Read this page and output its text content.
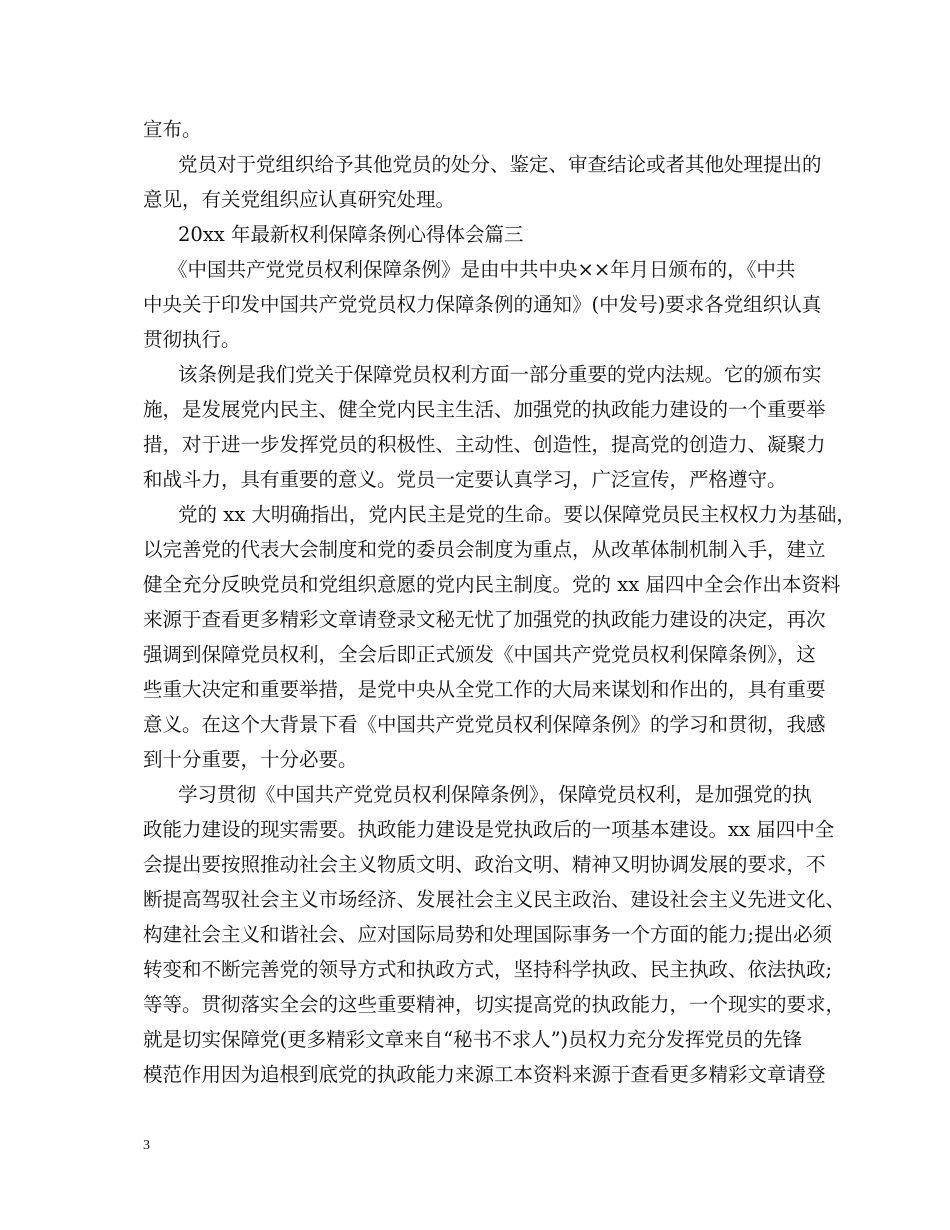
宣布。
党员对于党组织给予其他党员的处分、鉴定、审查结论或者其他处理提出的
意见，有关党组织应认真研究处理。
20xx 年最新权利保障条例心得体会篇三
《中国共产党党员权利保障条例》是由中共中央××年月日颁布的，《中共
中央关于印发中国共产党党员权力保障条例的通知》(中发号)要求各党组织认真
贯彻执行。
该条例是我们党关于保障党员权利方面一部分重要的党内法规。它的颁布实
施，是发展党内民主、健全党内民主生活、加强党的执政能力建设的一个重要举
措，对于进一步发挥党员的积极性、主动性、创造性，提高党的创造力、凝聚力
和战斗力，具有重要的意义。党员一定要认真学习，广泛宣传，严格遵守。
党的 xx 大明确指出，党内民主是党的生命。要以保障党员民主权权力为基础，
以完善党的代表大会制度和党的委员会制度为重点，从改革体制机制入手，建立
健全充分反映党员和党组织意愿的党内民主制度。党的 xx 届四中全会作出本资料
来源于查看更多精彩文章请登录文秘无忧了加强党的执政能力建设的决定，再次
强调到保障党员权利，全会后即正式颁发《中国共产党党员权利保障条例》，这
些重大决定和重要举措，是党中央从全党工作的大局来谋划和作出的，具有重要
意义。在这个大背景下看《中国共产党党员权利保障条例》的学习和贯彻，我感
到十分重要，十分必要。
学习贯彻《中国共产党党员权利保障条例》，保障党员权利，是加强党的执
政能力建设的现实需要。执政能力建设是党执政后的一项基本建设。xx 届四中全
会提出要按照推动社会主义物质文明、政治文明、精神又明协调发展的要求，不
断提高驾驭社会主义市场经济、发展社会主义民主政治、建设社会主义先进文化、
构建社会主义和谐社会、应对国际局势和处理国际事务一个方面的能力;提出必须
转变和不断完善党的领导方式和执政方式，坚持科学执政、民主执政、依法执政;
等等。贯彻落实全会的这些重要精神，切实提高党的执政能力，一个现实的要求，
就是切实保障党(更多精彩文章来自“秘书不求人”)员权力充分发挥党员的先锋
模范作用因为追根到底党的执政能力来源工本资料来源于查看更多精彩文章请登
3
